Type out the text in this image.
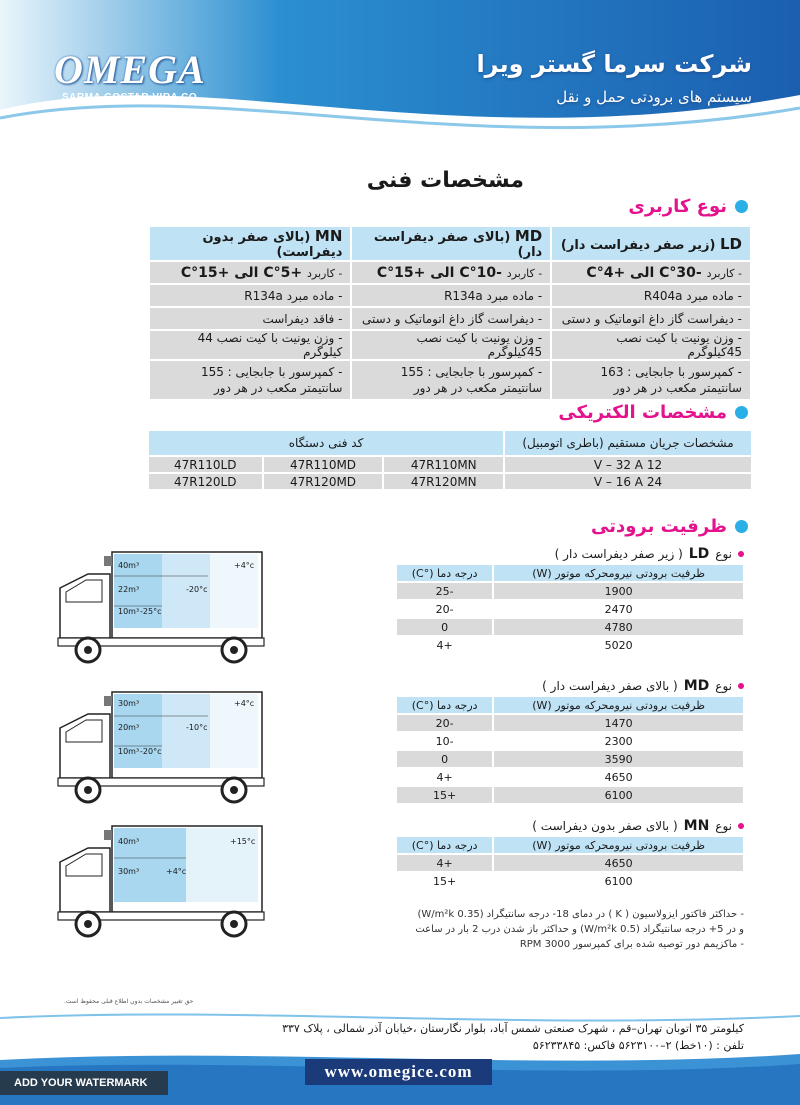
OMEGA
SARMA GOSTAR VIRA CO.
شرکت سرما گستر ویرا
سیستم های برودتی حمل و نقل
مشخصات فنی
نوع کاربری
LD (زیر صفر دیفراست دار)	MD (بالای صفر دیفراست دار)	MN (بالای صفر بدون دیفراست)
- کاربرد -30°C الی +4°C	- کاربرد -10°C الی +15°C	- کاربرد +5°C الی +15°C
- ماده مبرد R404a	- ماده مبرد R134a	- ماده مبرد R134a
- دیفراست گاز داغ اتوماتیک و دستی	- دیفراست گاز داغ اتوماتیک و دستی	- فاقد دیفراست
- وزن یونیت با کیت نصب 45کیلوگرم	- وزن یونیت با کیت نصب 45کیلوگرم	- وزن یونیت با کیت نصب 44 کیلوگرم
- کمپرسور با جابجایی : 163 سانتیمتر مکعب در هر دور	- کمپرسور با جابجایی : 155 سانتیمتر مکعب در هر دور	- کمپرسور با جابجایی : 155 سانتیمتر مکعب در هر دور
مشخصات الکتریکی
مشخصات جریان مستقیم (باطری اتومبیل)	کد فنی دستگاه		
12 V – 32 A	47R110MN	47R110MD	47R110LD
24 V – 16 A	47R120MN	47R120MD	47R120LD
ظرفیت برودتی
نوع
LD
( زیر صفر دیفراست دار )
ظرفیت برودتی نیرومحرکه موتور (W)	درجه دما (°C)
1900	-25
2470	-20
4780	0
5020	+4
نوع
MD
( بالای صفر دیفراست دار )
ظرفیت برودتی نیرومحرکه موتور (W)	درجه دما (°C)
1470	-20
2300	-10
3590	0
4650	+4
6100	+15
نوع
MN
( بالای صفر بدون دیفراست )
ظرفیت برودتی نیرومحرکه موتور (W)	درجه دما (°C)
4650	+4
6100	+15
40m³
22m³
10m³
+4°c
-20°c
-25°c
30m³
20m³
10m³
+4°c
-10°c
-20°c
40m³
30m³
+15°c
+4°c
- حداکثر فاکتور ایزولاسیون ( K ) در دمای 18- درجه سانتیگراد (0.35 W/m²k)
و در 5+ درجه سانتیگراد (0.5 W/m²k) و حداکثر باز شدن درب 2 بار در ساعت
- ماکزیمم دور توصیه شده برای کمپرسور 3000 RPM
حق تغییر مشخصات بدون اطلاع قبلی محفوظ است.
کیلومتر ۳۵ اتوبان تهران–قم ، شهرک صنعتی شمس آباد، بلوار نگارستان ،خیابان آذر شمالی ، پلاک ۳۳۷
تلفن : (۱۰خط) ۲–۵۶۲۳۱۰۰ فاکس: ۵۶۲۳۳۸۴۵
www.omegice.com
ADD YOUR WATERMARK
